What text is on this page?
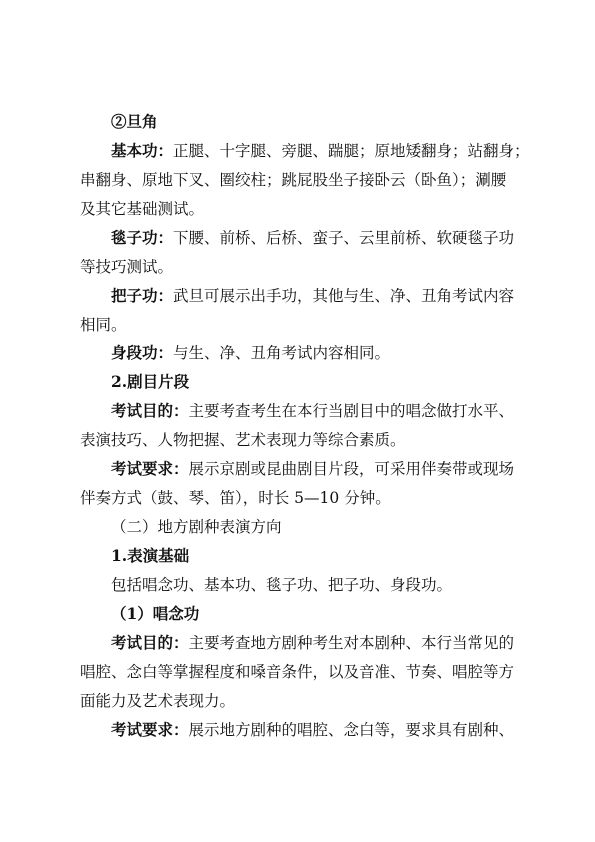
②旦角
基本功：正腿、十字腿、旁腿、踹腿；原地矮翻身；站翻身；
串翻身、原地下叉、圈绞柱；跳屁股坐子接卧云（卧鱼）；涮腰
及其它基础测试。
毯子功：下腰、前桥、后桥、蛮子、云里前桥、软硬毯子功
等技巧测试。
把子功：武旦可展示出手功，其他与生、净、丑角考试内容
相同。
身段功：与生、净、丑角考试内容相同。
2.剧目片段
考试目的：主要考查考生在本行当剧目中的唱念做打水平、
表演技巧、人物把握、艺术表现力等综合素质。
考试要求：展示京剧或昆曲剧目片段，可采用伴奏带或现场
伴奏方式（鼓、琴、笛），时长 5—10 分钟。
（二）地方剧种表演方向
1.表演基础
包括唱念功、基本功、毯子功、把子功、身段功。
（1）唱念功
考试目的：主要考查地方剧种考生对本剧种、本行当常见的
唱腔、念白等掌握程度和嗓音条件，以及音准、节奏、唱腔等方
面能力及艺术表现力。
考试要求：展示地方剧种的唱腔、念白等，要求具有剧种、
